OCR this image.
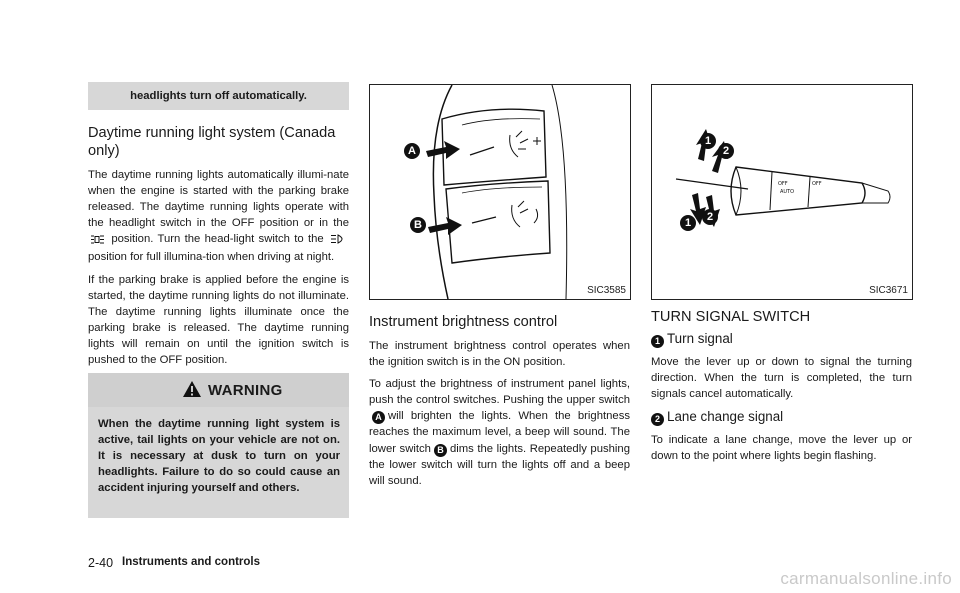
headlights turn off automatically.
Daytime running light system (Canada only)

The daytime running lights automatically illumi-nate when the engine is started with the parking brake released. The daytime running lights operate with the headlight switch in the OFF position or in the  position. Turn the head-light switch to the  position for full illumina-tion when driving at night.

If the parking brake is applied before the engine is started, the daytime running lights do not illuminate. The daytime running lights illuminate once the parking brake is released. The daytime running lights will remain on until the ignition switch is pushed to the OFF position.

WARNING
When the daytime running light system is active, tail lights on your vehicle are not on. It is necessary at dusk to turn on your headlights. Failure to do so could cause an accident injuring yourself and others.
A
B
SIC3585
Instrument brightness control

The instrument brightness control operates when the ignition switch is in the ON position.

To adjust the brightness of instrument panel lights, push the control switches. Pushing the upper switchA will brighten the lights. When the brightness reaches the maximum level, a beep will sound. The lower switch B dims the lights. Repeatedly pushing the lower switch will turn the lights off and a beep will sound.

OFF
AUTO
OFF
1
2
1	2
SIC3671
TURN SIGNAL SWITCH
1 Turn signal

Move the lever up or down to signal the turning direction. When the turn is completed, the turn signals cancel automatically.

2 Lane change signal

To indicate a lane change, move the lever up or down to the point where lights begin flashing.

2-40 Instruments and controls
carmanualsonline.info
